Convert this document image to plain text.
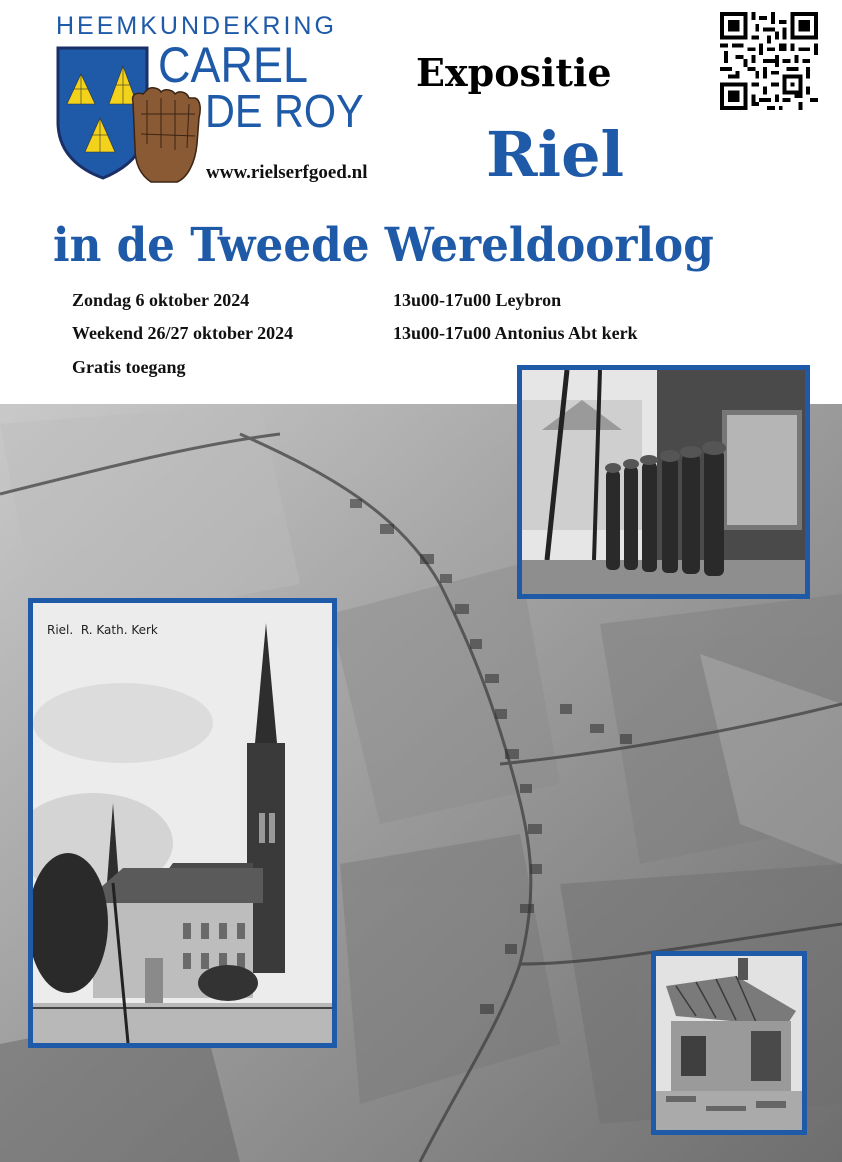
HEEMKUNDEKRING
CAREL
DE ROY
www.rielserfgoed.nl
Expositie
Riel
in de Tweede Wereldoorlog
Zondag 6 oktober 2024	13u00-17u00 Leybron
Weekend 26/27 oktober 2024	13u00-17u00 Antonius Abt kerk
Gratis toegang
Riel.  R. Kath. Kerk
